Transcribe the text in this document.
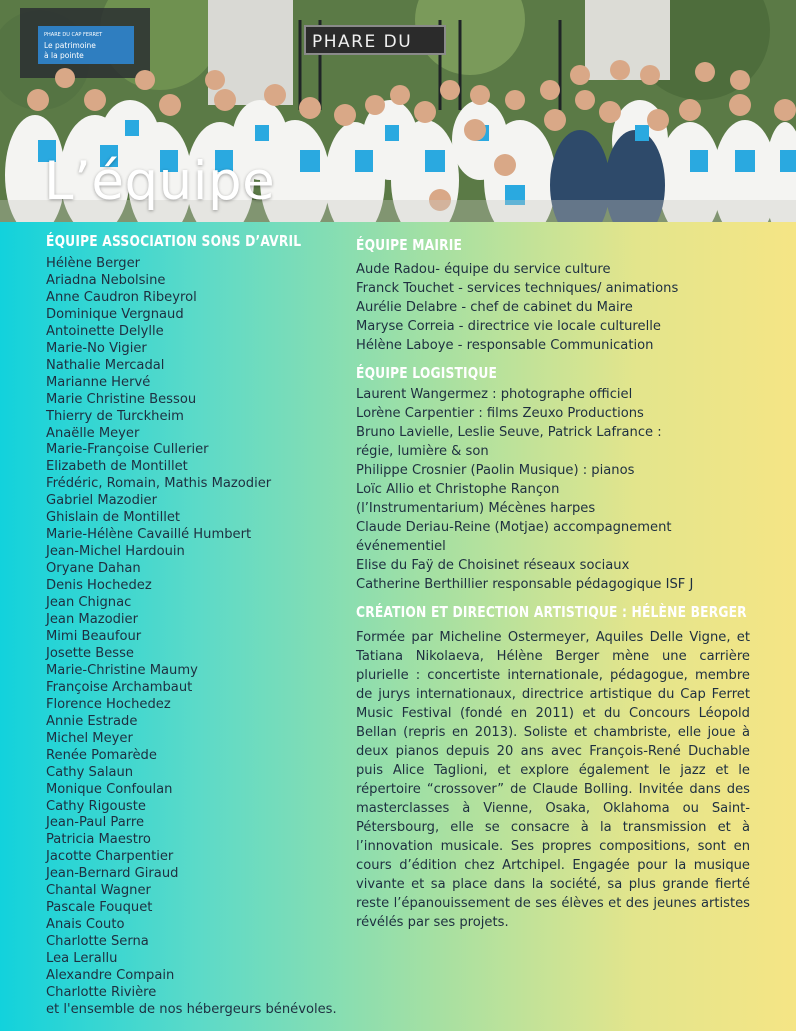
PHARE DU CAP FERRET
Le patrimoine
à la pointe
PHARE DU
L’équipe
ÉQUIPE ASSOCIATION SONS D’AVRIL
Hélène Berger
Ariadna Nebolsine
Anne Caudron Ribeyrol
Dominique Vergnaud
Antoinette Delylle
Marie-No Vigier
Nathalie Mercadal
Marianne Hervé
Marie Christine Bessou
Thierry de Turckheim
Anaëlle Meyer
Marie-Françoise Cullerier
Elizabeth de Montillet
Frédéric, Romain, Mathis Mazodier
Gabriel Mazodier
Ghislain de Montillet
Marie-Hélène Cavaillé Humbert
Jean-Michel Hardouin
Oryane Dahan
Denis Hochedez
Jean Chignac
Jean Mazodier
Mimi Beaufour
Josette Besse
Marie-Christine Maumy
Françoise Archambaut
Florence Hochedez
Annie Estrade
Michel Meyer
Renée Pomarède
Cathy Salaun
Monique Confoulan
Cathy Rigouste
Jean-Paul Parre
Patricia Maestro
Jacotte Charpentier
Jean-Bernard Giraud
Chantal Wagner
Pascale Fouquet
Anais Couto
Charlotte Serna
Lea Lerallu
Alexandre Compain
Charlotte Rivière
et l'ensemble de nos hébergeurs bénévoles.
ÉQUIPE MAIRIE
Aude Radou- équipe du service culture
Franck Touchet - services techniques/ animations
Aurélie Delabre - chef de cabinet du Maire
Maryse Correia - directrice vie locale culturelle
Hélène Laboye - responsable Communication
ÉQUIPE LOGISTIQUE
Laurent Wangermez : photographe officiel
Lorène Carpentier : films Zeuxo Productions
Bruno Lavielle, Leslie Seuve, Patrick Lafrance :
régie, lumière & son
Philippe Crosnier (Paolin Musique) : pianos
Loïc Allio et Christophe Rançon
(l’Instrumentarium) Mécènes harpes
Claude Deriau-Reine (Motjae) accompagnement
événementiel
Elise du Faÿ de Choisinet réseaux sociaux
Catherine Berthillier responsable pédagogique ISF J
CRÉATION ET DIRECTION ARTISTIQUE : HÉLÈNE BERGER

Formée par Micheline Ostermeyer, Aquiles Delle Vigne, et Tatiana Nikolaeva, Hélène Berger mène une carrière plurielle : concertiste internationale, pédagogue, membre de jurys internationaux, directrice artistique du Cap Ferret Music Festival (fondé en 2011) et du Concours Léopold Bellan (repris en 2013). Soliste et chambriste, elle joue à deux pianos depuis 20 ans avec François-René Duchable puis Alice Taglioni, et explore également le jazz et le répertoire “crossover” de Claude Bolling. Invitée dans des masterclasses à Vienne, Osaka, Oklahoma ou Saint-Pétersbourg, elle se consacre à la transmission et à l’innovation musicale. Ses propres compositions, sont en cours d’édition chez Artchipel. Engagée pour la musique vivante et sa place dans la société, sa plus grande fierté reste l’épanouissement de ses élèves et des jeunes artistes révélés par ses projets.
